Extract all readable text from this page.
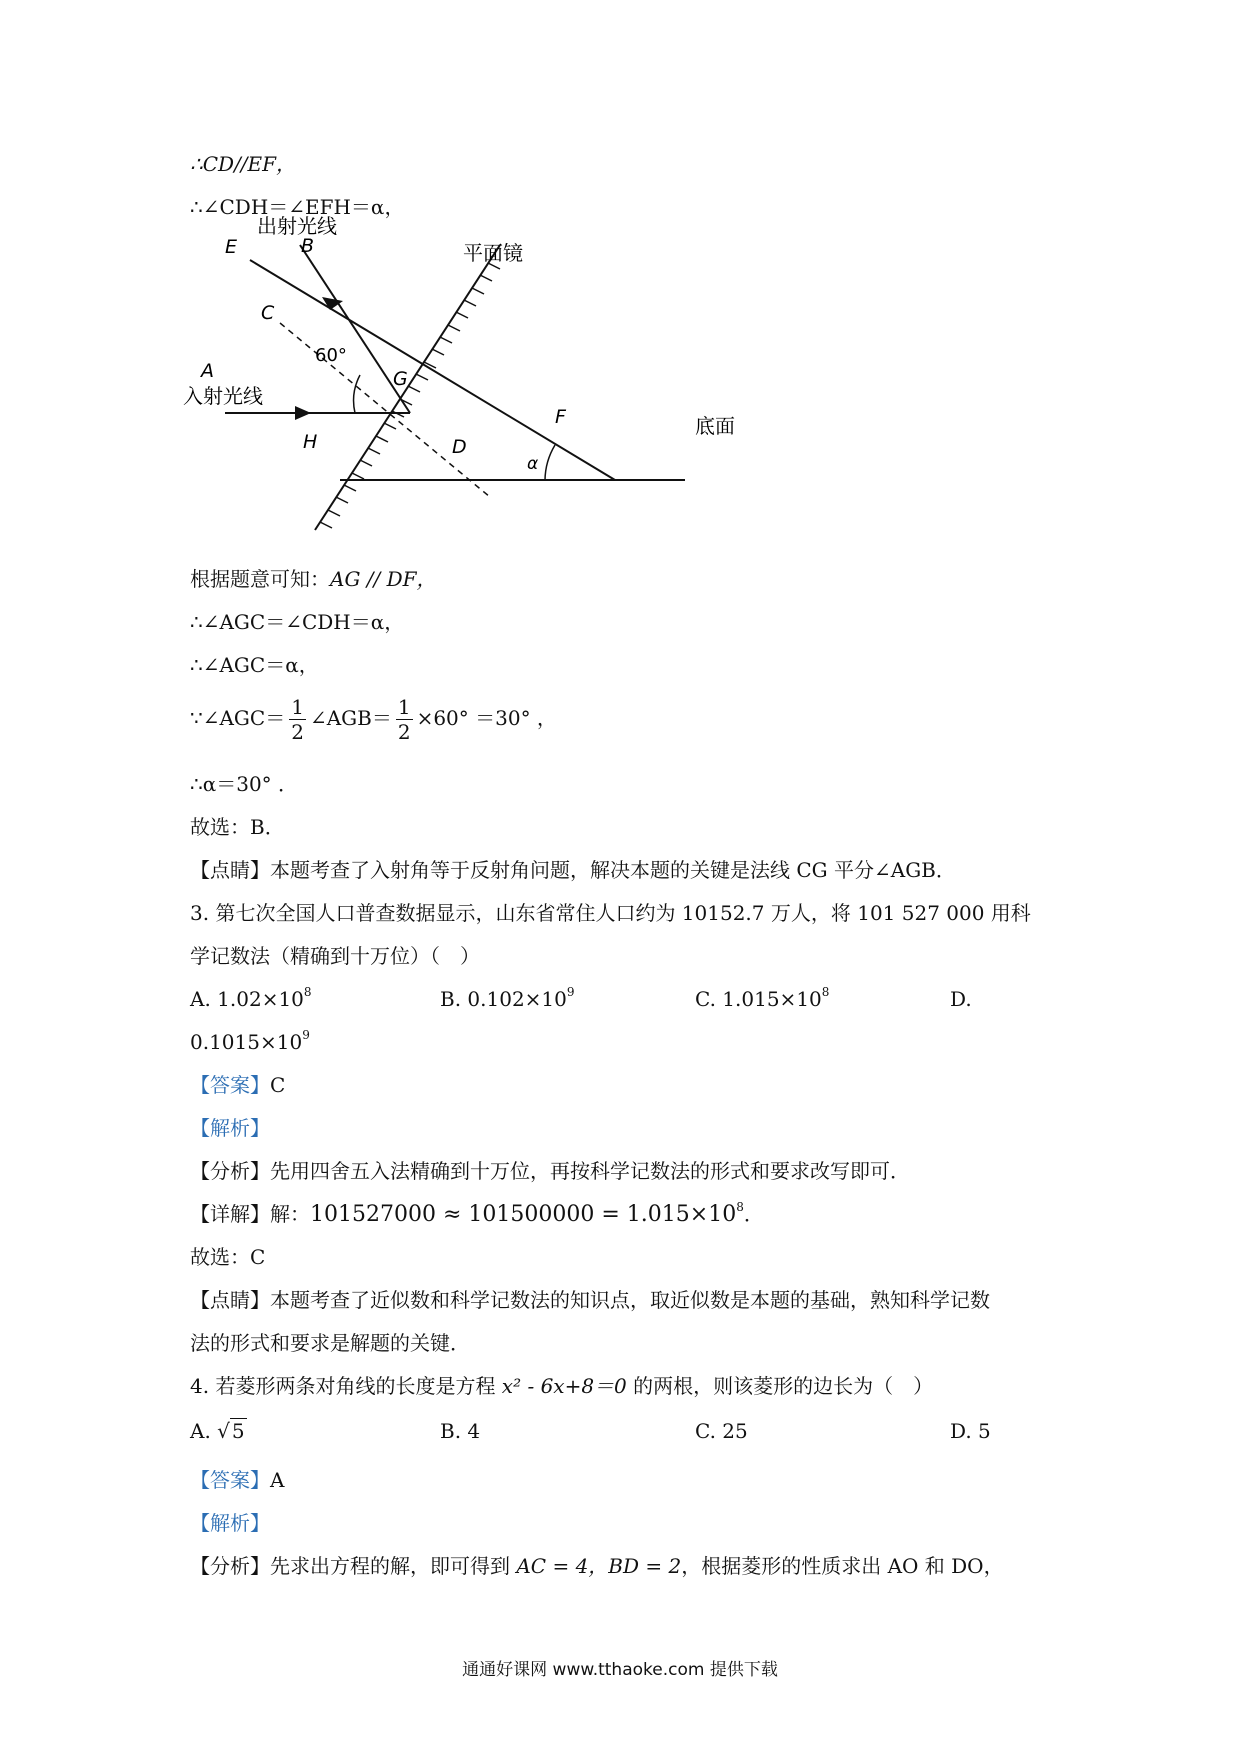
∴CD//EF，
∴∠CDH＝∠EFH＝α，
出射光线
平面镜
入射光线
底面
E	B
C
A	G
H	D
F
60°
α
根据题意可知：AG // DF，
∴∠AGC＝∠CDH＝α，
∴∠AGC＝α，
∵∠AGC＝ $\frac{1}{2}$ ∠AGB＝ $\frac{1}{2} \times 60^\circ =30^\circ$ ，
∴α＝30° ．
故选：B．
【点睛】本题考查了入射角等于反射角问题，解决本题的关键是法线 CG 平分∠AGB．
3. 第七次全国人口普查数据显示，山东省常住人口约为 10152.7 万人，将 101 527 000 用科
学记数法（精确到十万位）（　）
A. $1.02\times 10^8$	B. $0.102\times 10^9$	C. $1.015\times 10^8$	D.
$0.1015\times 10^9$
【答案】C
【解析】
【分析】先用四舍五入法精确到十万位，再按科学记数法的形式和要求改写即可．
【详解】解：$101527000 \approx 101500000 = 1.015\times 10^8$．
故选：C
【点睛】本题考查了近似数和科学记数法的知识点，取近似数是本题的基础，熟知科学记数
法的形式和要求是解题的关键．
4. 若菱形两条对角线的长度是方程 x² - 6x+8＝0 的两根，则该菱形的边长为（　）
A. √ 5	B. 4	C. 25	D. 5
【答案】A
【解析】
【分析】先求出方程的解，即可得到 AC = 4，BD = 2，根据菱形的性质求出 AO 和 DO，
通通好课网 www.tthaoke.com 提供下载
